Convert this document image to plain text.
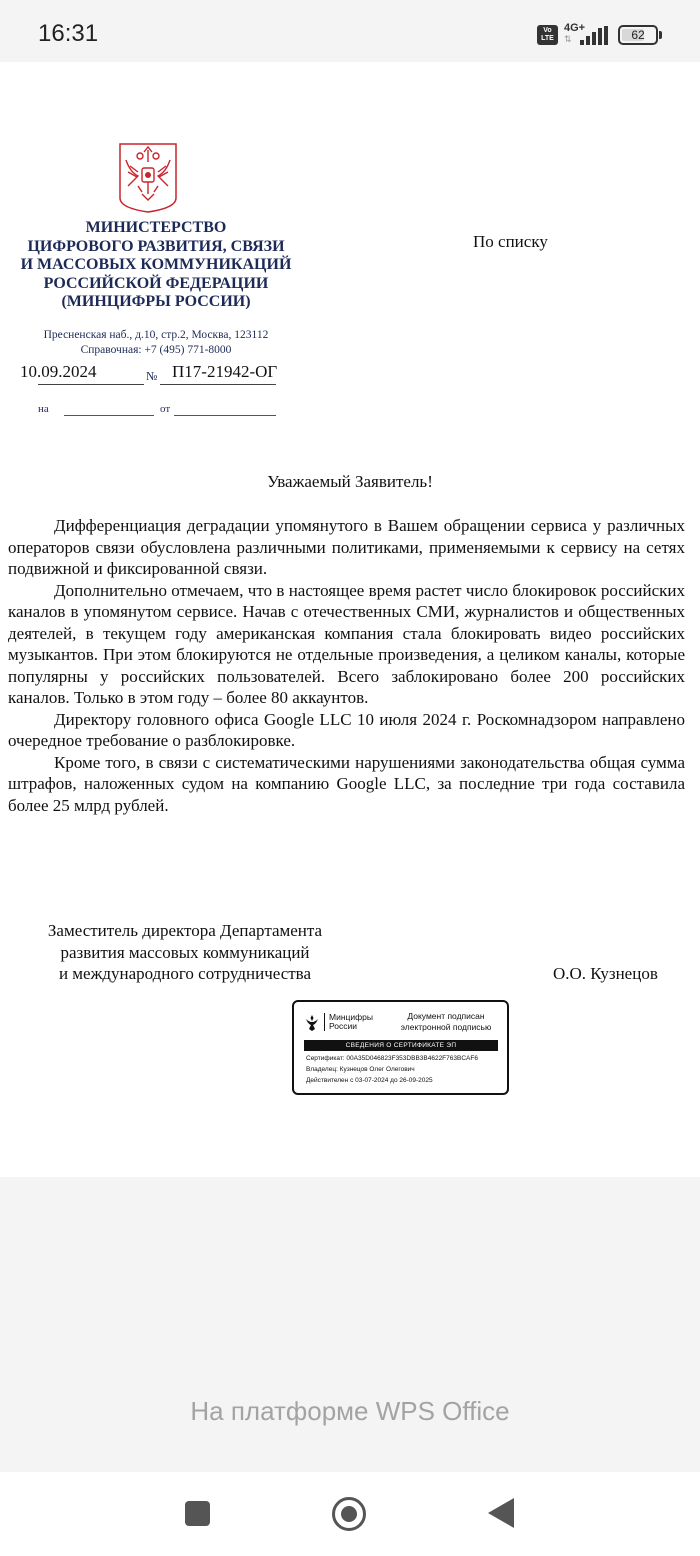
16:31	Vo
LTE
4G+
⇅	62
МИНИСТЕРСТВО
ЦИФРОВОГО РАЗВИТИЯ, СВЯЗИ
И МАССОВЫХ КОММУНИКАЦИЙ
РОССИЙСКОЙ ФЕДЕРАЦИИ
(МИНЦИФРЫ РОССИИ)
Пресненская наб., д.10, стр.2, Москва, 123112
Справочная: +7 (495) 771-8000
10.09.2024	№ П17-21942-ОГ
на	от
По списку
Уважаемый Заявитель!

Дифференциация деградации упомянутого в Вашем обращении сервиса у различных операторов связи обусловлена различными политиками, применяемыми к сервису на сетях подвижной и фиксированной связи.

Дополнительно отмечаем, что в настоящее время растет число блокировок российских каналов в упомянутом сервисе. Начав с отечественных СМИ, журналистов и общественных деятелей, в текущем году американская компания стала блокировать видео российских музыкантов. При этом блокируются не отдельные произведения, а целиком каналы, которые популярны у российских пользователей. Всего заблокировано более 200 российских каналов. Только в этом году – более 80 аккаунтов.

Директору головного офиса Google LLC 10 июля 2024 г. Роскомнадзором направлено очередное требование о разблокировке.

Кроме того, в связи с систематическими нарушениями законодательства общая сумма штрафов, наложенных судом на компанию Google LLC, за последние три года составила более 25 млрд рублей.

Заместитель директора Департамента
развития массовых коммуникаций
и международного сотрудничества	О.О. Кузнецов
Минцифры
России
Документ подписан
электронной подписью
СВЕДЕНИЯ О СЕРТИФИКАТЕ ЭП
Сертификат: 00A35D046823F353DBB3B4622F763BCAF6
Владелец: Кузнецов Олег Олегович
Действителен с 03-07-2024 до 26-09-2025
На платформе WPS Office
